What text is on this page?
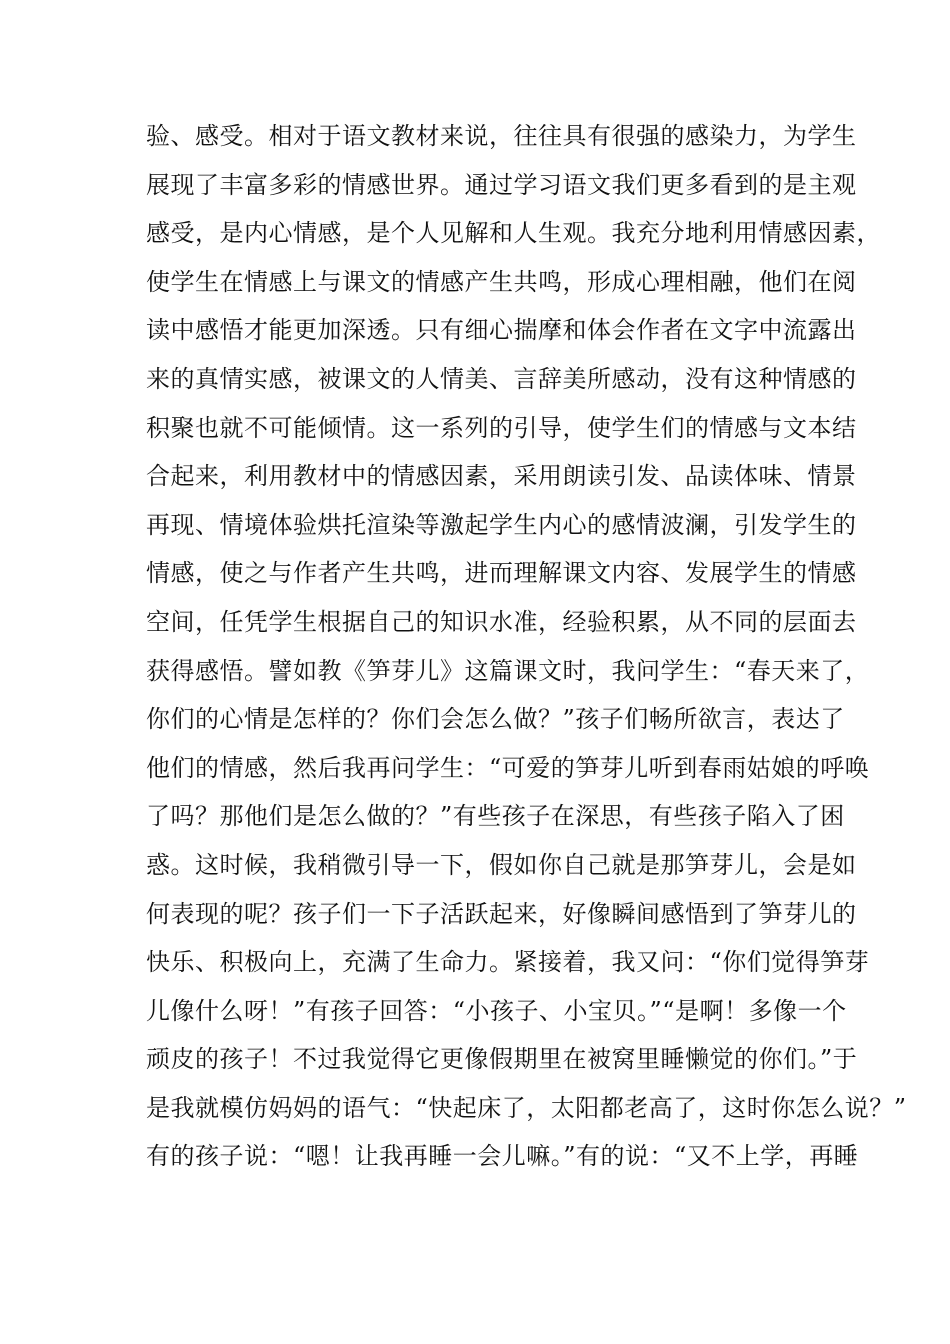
验、感受。相对于语文教材来说，往往具有很强的感染力，为学生
展现了丰富多彩的情感世界。通过学习语文我们更多看到的是主观
感受，是内心情感，是个人见解和人生观。我充分地利用情感因素，
使学生在情感上与课文的情感产生共鸣，形成心理相融，他们在阅
读中感悟才能更加深透。只有细心揣摩和体会作者在文字中流露出
来的真情实感，被课文的人情美、言辞美所感动，没有这种情感的
积聚也就不可能倾情。这一系列的引导，使学生们的情感与文本结
合起来，利用教材中的情感因素，采用朗读引发、品读体味、情景
再现、情境体验烘托渲染等激起学生内心的感情波澜，引发学生的
情感，使之与作者产生共鸣，进而理解课文内容、发展学生的情感
空间，任凭学生根据自己的知识水准，经验积累，从不同的层面去
获得感悟。譬如教《笋芽儿》这篇课文时，我问学生：“春天来了，
你们的心情是怎样的？你们会怎么做？”孩子们畅所欲言，表达了
他们的情感，然后我再问学生：“可爱的笋芽儿听到春雨姑娘的呼唤
了吗？那他们是怎么做的？”有些孩子在深思，有些孩子陷入了困
惑。这时候，我稍微引导一下，假如你自己就是那笋芽儿，会是如
何表现的呢？孩子们一下子活跃起来，好像瞬间感悟到了笋芽儿的
快乐、积极向上，充满了生命力。紧接着，我又问：“你们觉得笋芽
儿像什么呀！”有孩子回答：“小孩子、小宝贝。”“是啊！多像一个
顽皮的孩子！不过我觉得它更像假期里在被窝里睡懒觉的你们。”于
是我就模仿妈妈的语气：“快起床了，太阳都老高了，这时你怎么说？”
有的孩子说：“嗯！让我再睡一会儿嘛。”有的说：“又不上学，再睡
